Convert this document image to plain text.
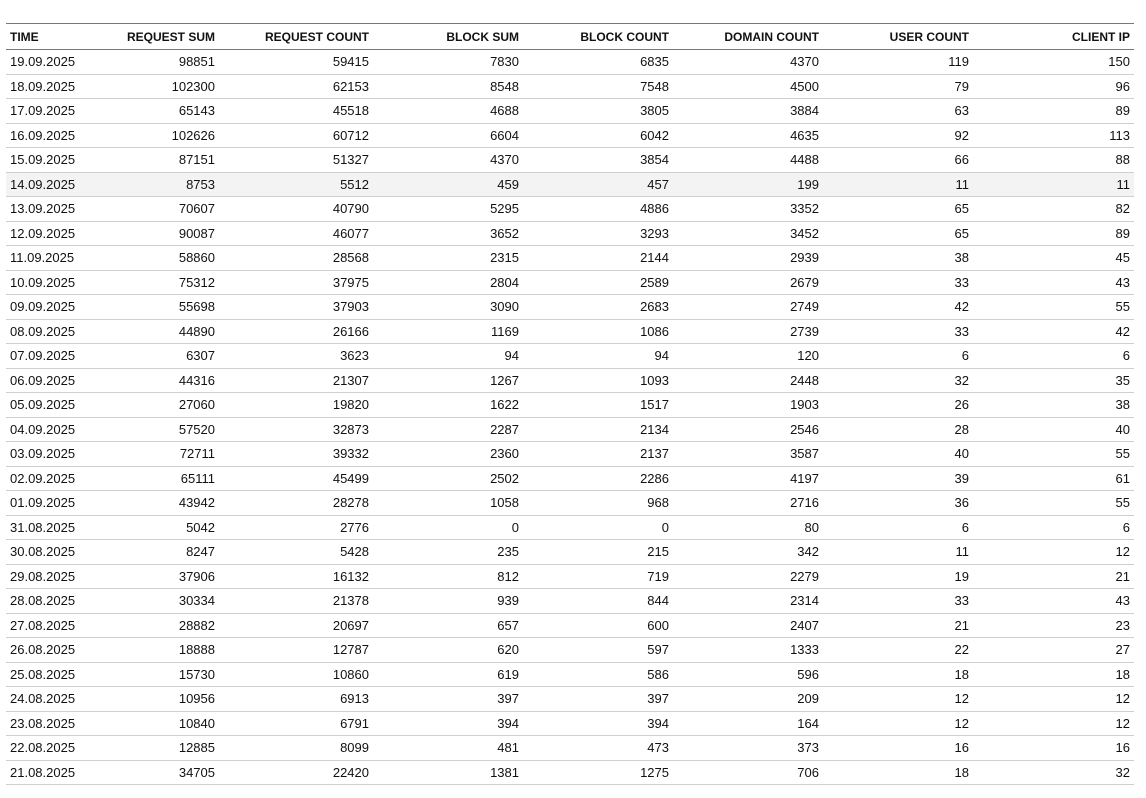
TIME	REQUEST SUM	REQUEST COUNT	BLOCK SUM	BLOCK COUNT	DOMAIN COUNT	USER COUNT	CLIENT IP
19.09.2025	98851	59415	7830	6835	4370	119	150
18.09.2025	102300	62153	8548	7548	4500	79	96
17.09.2025	65143	45518	4688	3805	3884	63	89
16.09.2025	102626	60712	6604	6042	4635	92	113
15.09.2025	87151	51327	4370	3854	4488	66	88
14.09.2025	8753	5512	459	457	199	11	11
13.09.2025	70607	40790	5295	4886	3352	65	82
12.09.2025	90087	46077	3652	3293	3452	65	89
11.09.2025	58860	28568	2315	2144	2939	38	45
10.09.2025	75312	37975	2804	2589	2679	33	43
09.09.2025	55698	37903	3090	2683	2749	42	55
08.09.2025	44890	26166	1169	1086	2739	33	42
07.09.2025	6307	3623	94	94	120	6	6
06.09.2025	44316	21307	1267	1093	2448	32	35
05.09.2025	27060	19820	1622	1517	1903	26	38
04.09.2025	57520	32873	2287	2134	2546	28	40
03.09.2025	72711	39332	2360	2137	3587	40	55
02.09.2025	65111	45499	2502	2286	4197	39	61
01.09.2025	43942	28278	1058	968	2716	36	55
31.08.2025	5042	2776	0	0	80	6	6
30.08.2025	8247	5428	235	215	342	11	12
29.08.2025	37906	16132	812	719	2279	19	21
28.08.2025	30334	21378	939	844	2314	33	43
27.08.2025	28882	20697	657	600	2407	21	23
26.08.2025	18888	12787	620	597	1333	22	27
25.08.2025	15730	10860	619	586	596	18	18
24.08.2025	10956	6913	397	397	209	12	12
23.08.2025	10840	6791	394	394	164	12	12
22.08.2025	12885	8099	481	473	373	16	16
21.08.2025	34705	22420	1381	1275	706	18	32
